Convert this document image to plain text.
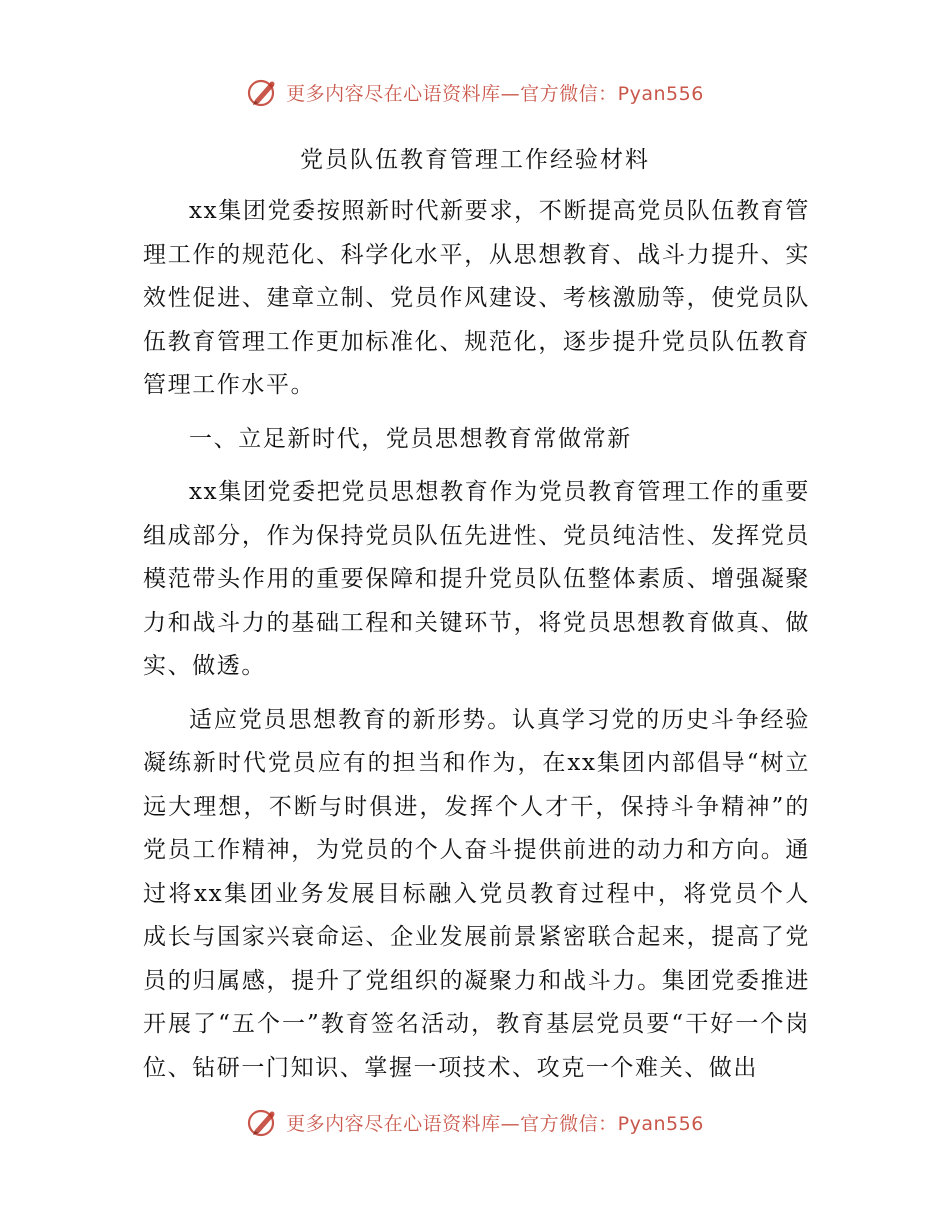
更多内容尽在心语资料库—官方微信：Pyan556
党员队伍教育管理工作经验材料

xx集团党委按照新时代新要求，不断提高党员队伍教育管理工作的规范化、科学化水平，从思想教育、战斗力提升、实效性促进、建章立制、党员作风建设、考核激励等，使党员队伍教育管理工作更加标准化、规范化，逐步提升党员队伍教育管理工作水平。

一、立足新时代，党员思想教育常做常新

xx集团党委把党员思想教育作为党员教育管理工作的重要组成部分，作为保持党员队伍先进性、党员纯洁性、发挥党员模范带头作用的重要保障和提升党员队伍整体素质、增强凝聚力和战斗力的基础工程和关键环节，将党员思想教育做真、做实、做透。

适应党员思想教育的新形势。认真学习党的历史斗争经验凝练新时代党员应有的担当和作为，在xx集团内部倡导“树立远大理想，不断与时俱进，发挥个人才干，保持斗争精神”的党员工作精神，为党员的个人奋斗提供前进的动力和方向。通过将xx集团业务发展目标融入党员教育过程中，将党员个人成长与国家兴衰命运、企业发展前景紧密联合起来，提高了党员的归属感，提升了党组织的凝聚力和战斗力。集团党委推进开展了“五个一”教育签名活动，教育基层党员要“干好一个岗位、钻研一门知识、掌握一项技术、攻克一个难关、做出

更多内容尽在心语资料库—官方微信：Pyan556
